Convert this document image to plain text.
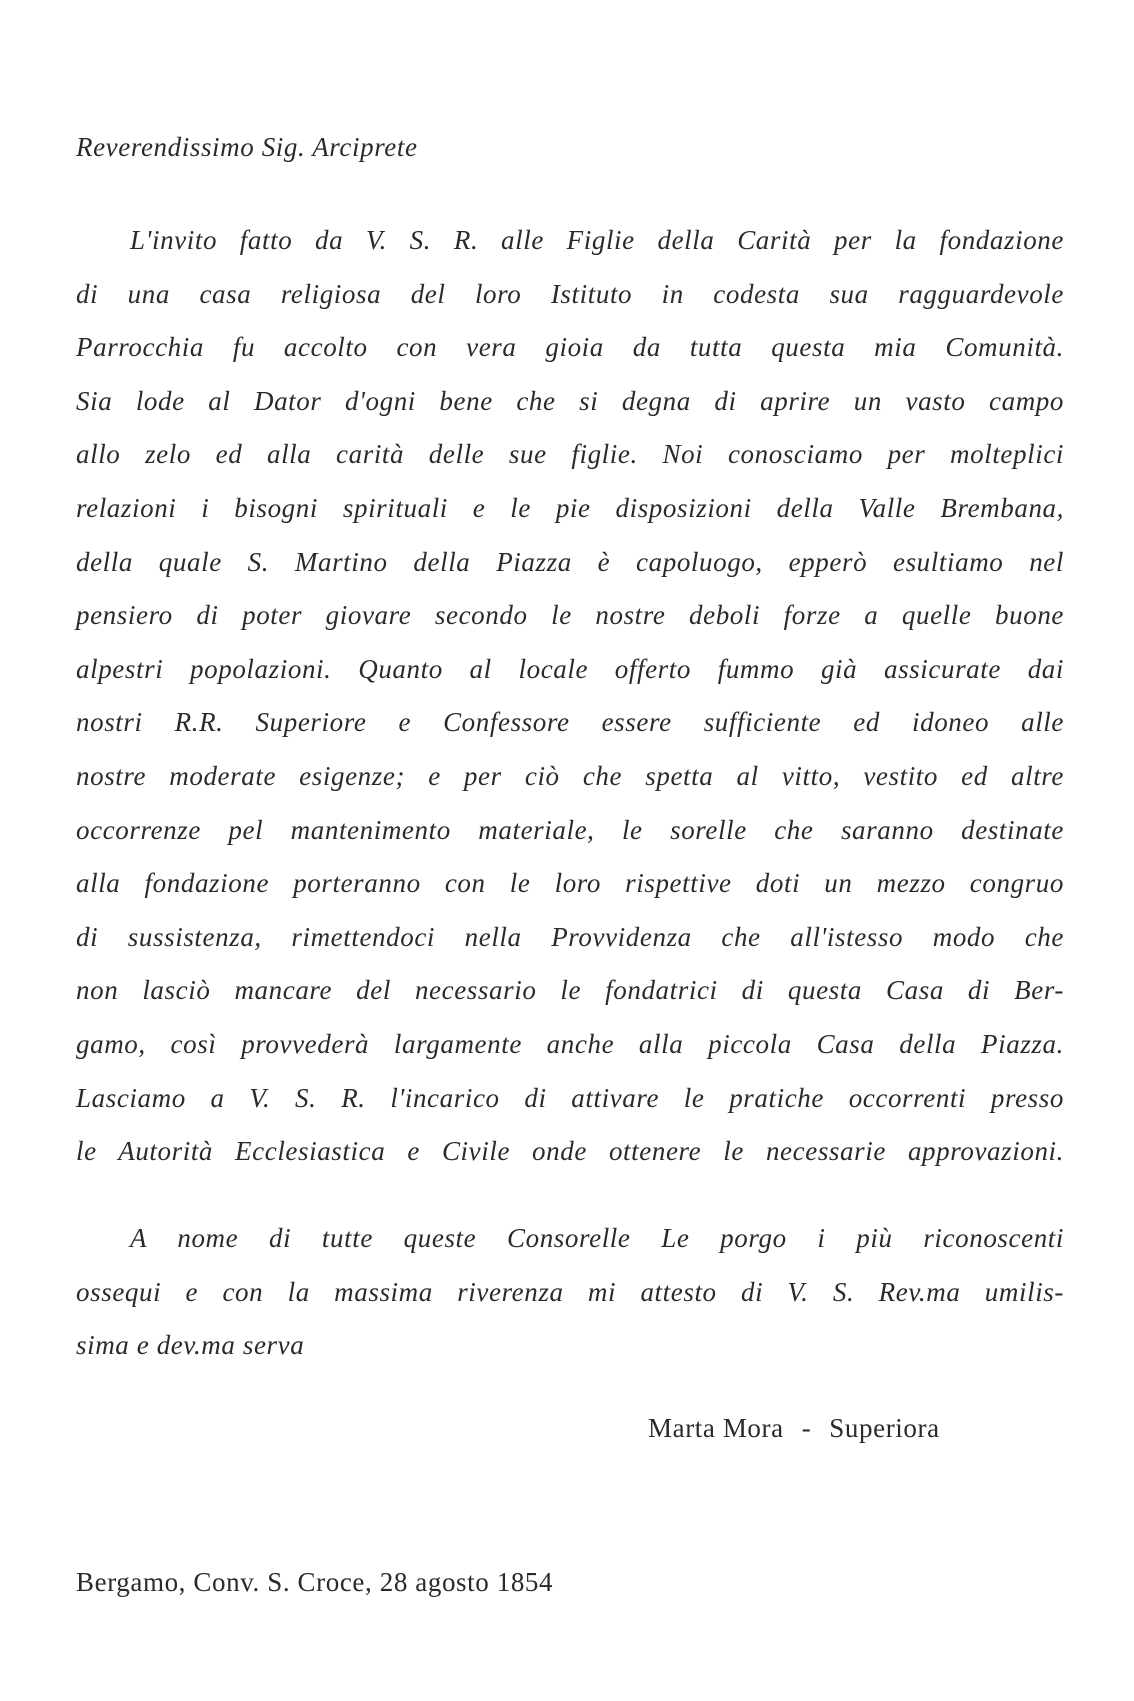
Reverendissimo Sig. Arciprete
L'invito fatto da V. S. R. alle Figlie della Carità per la fondazione
di una casa religiosa del loro Istituto in codesta sua ragguardevole
Parrocchia fu accolto con vera gioia da tutta questa mia Comunità.
Sia lode al Dator d'ogni bene che si degna di aprire un vasto campo
allo zelo ed alla carità delle sue figlie. Noi conosciamo per molteplici
relazioni i bisogni spirituali e le pie disposizioni della Valle Brembana,
della quale S. Martino della Piazza è capoluogo, epperò esultiamo nel
pensiero di poter giovare secondo le nostre deboli forze a quelle buone
alpestri popolazioni. Quanto al locale offerto fummo già assicurate dai
nostri R.R. Superiore e Confessore essere sufficiente ed idoneo alle
nostre moderate esigenze; e per ciò che spetta al vitto, vestito ed altre
occorrenze pel mantenimento materiale, le sorelle che saranno destinate
alla fondazione porteranno con le loro rispettive doti un mezzo congruo
di sussistenza, rimettendoci nella Provvidenza che all'istesso modo che
non lasciò mancare del necessario le fondatrici di questa Casa di Ber-
gamo, così provvederà largamente anche alla piccola Casa della Piazza.
Lasciamo a V. S. R. l'incarico di attivare le pratiche occorrenti presso
le Autorità Ecclesiastica e Civile onde ottenere le necessarie approvazioni.
A nome di tutte queste Consorelle Le porgo i più riconoscenti
ossequi e con la massima riverenza mi attesto di V. S. Rev.ma umilis-
sima e dev.ma serva
Marta Mora - Superiora
Bergamo, Conv. S. Croce, 28 agosto 1854
